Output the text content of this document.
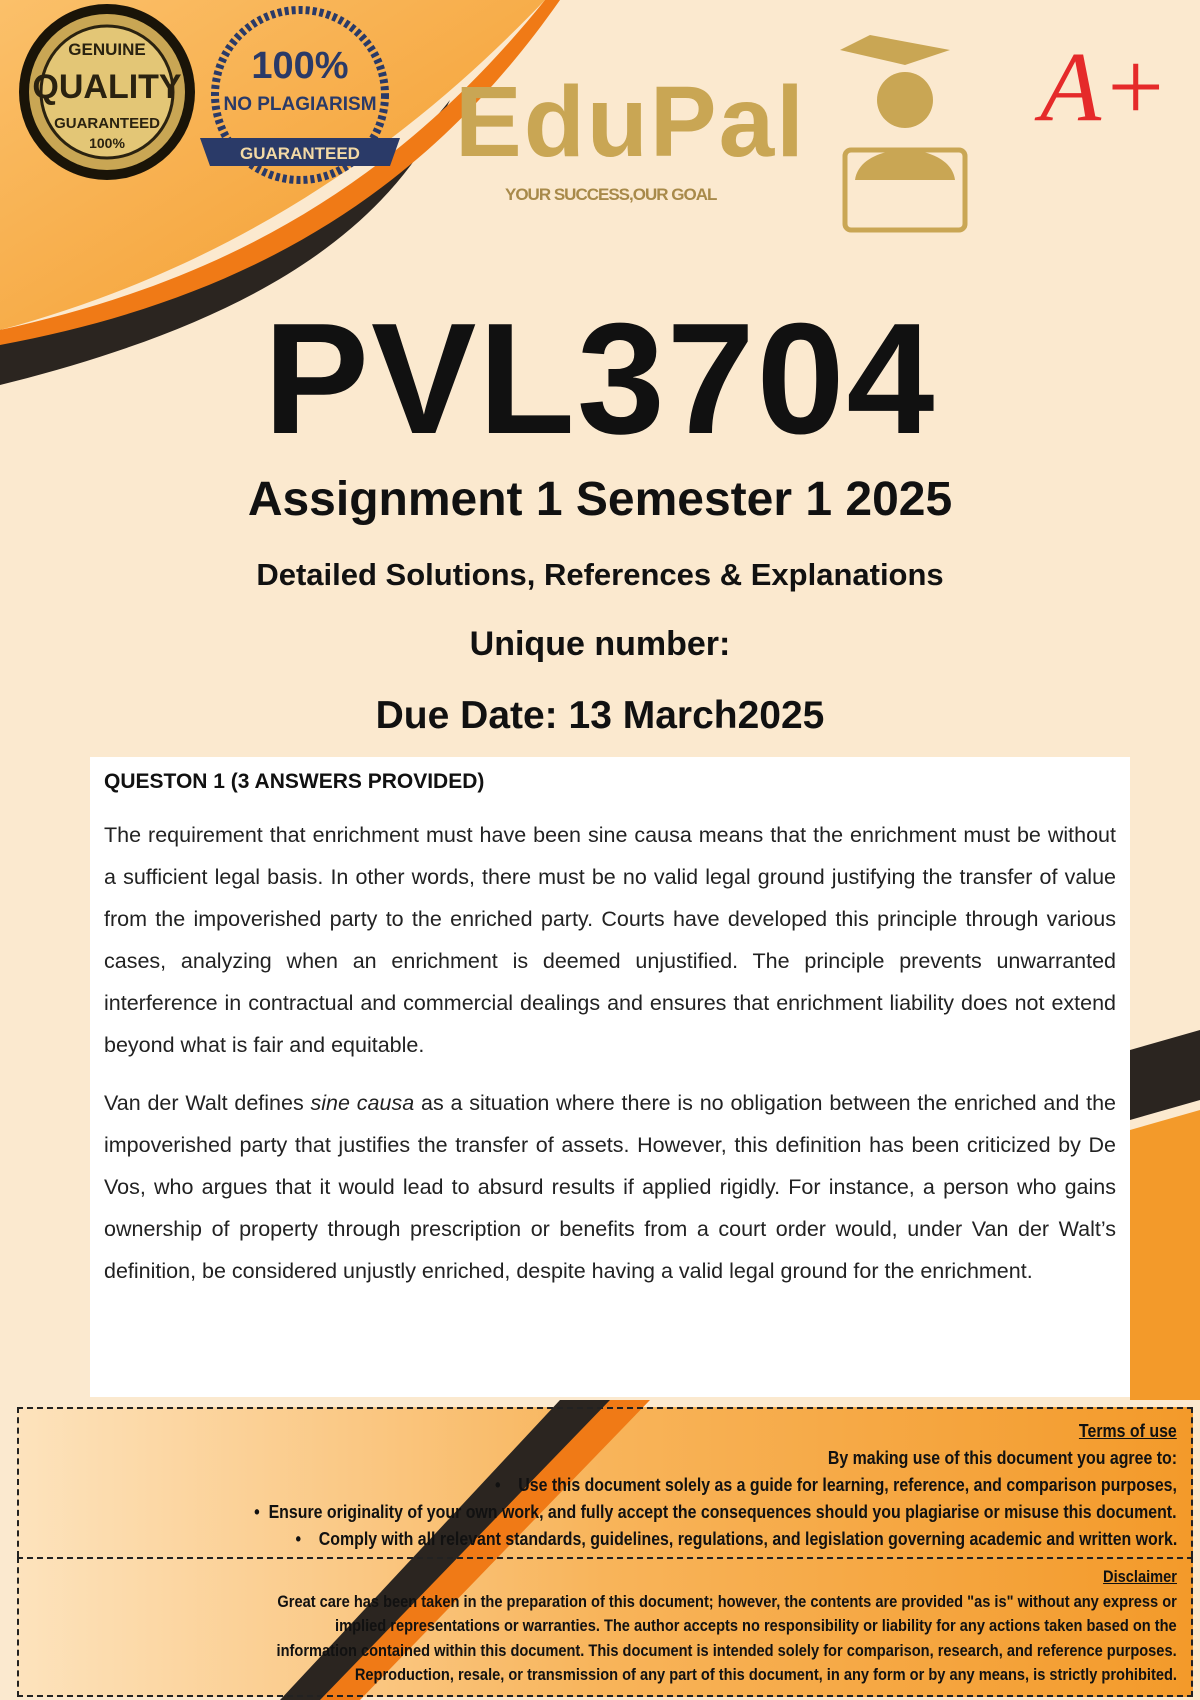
GENUINE
QUALITY
GUARANTEED
100%
100%
NO PLAGIARISM
GUARANTEED
A+
EduPal
YOUR SUCCESS,OUR GOAL
PVL3704
Assignment 1 Semester 1 2025
Detailed Solutions, References & Explanations
Unique number:
Due Date: 13 March2025
QUESTON 1 (3 ANSWERS PROVIDED)

The requirement that enrichment must have been sine causa means that the enrichment must be without a sufficient legal basis. In other words, there must be no valid legal ground justifying the transfer of value from the impoverished party to the enriched party. Courts have developed this principle through various cases, analyzing when an enrichment is deemed unjustified. The principle prevents unwarranted interference in contractual and commercial dealings and ensures that enrichment liability does not extend beyond what is fair and equitable.

Van der Walt defines sine causa as a situation where there is no obligation between the enriched and the impoverished party that justifies the transfer of assets. However, this definition has been criticized by De Vos, who argues that it would lead to absurd results if applied rigidly. For instance, a person who gains ownership of property through prescription or benefits from a court order would, under Van der Walt’s definition, be considered unjustly enriched, despite having a valid legal ground for the enrichment.

Terms of use
By making use of this document you agree to:
•    Use this document solely as a guide for learning, reference, and comparison purposes,
•  Ensure originality of your own work, and fully accept the consequences should you plagiarise or misuse this document.
•    Comply with all relevant standards, guidelines, regulations, and legislation governing academic and written work.
Disclaimer
Great care has been taken in the preparation of this document; however, the contents are provided "as is" without any express or
implied representations or warranties. The author accepts no responsibility or liability for any actions taken based on the
information contained within this document. This document is intended solely for comparison, research, and reference purposes.
Reproduction, resale, or transmission of any part of this document, in any form or by any means, is strictly prohibited.
